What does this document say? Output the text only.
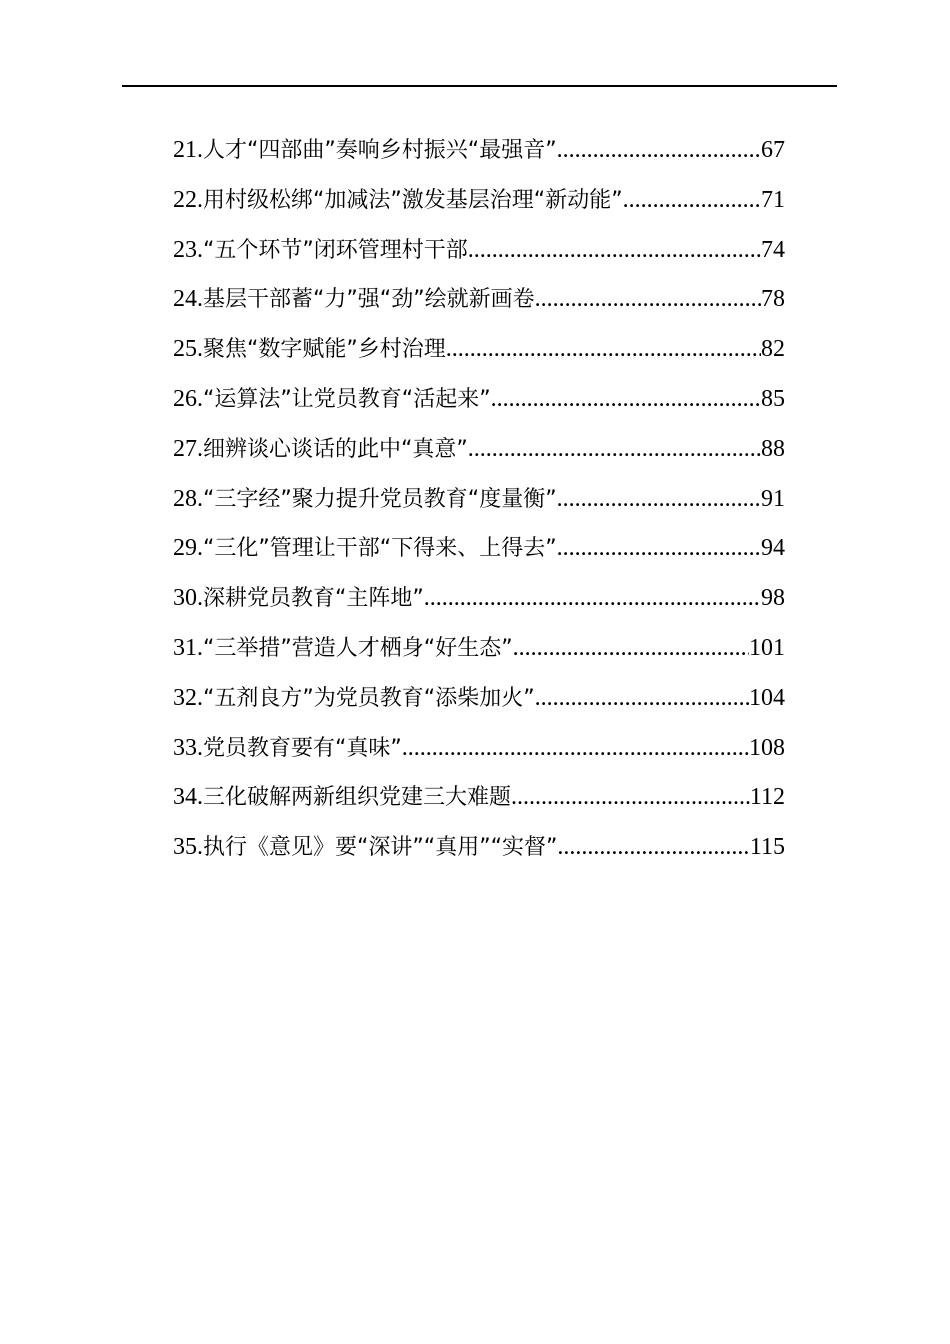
21. 人才“四部曲”奏响乡村振兴“最强音” .....	67
22. 用村级松绑“加减法”激发基层治理“新动能” .....	71
23. “五个环节”闭环管理村干部 .....	74
24. 基层干部蓄“力”强“劲”绘就新画卷 .....	78
25. 聚焦“数字赋能”乡村治理 .....	82
26. “运算法”让党员教育“活起来” .....	85
27. 细辨谈心谈话的此中“真意” .....	88
28. “三字经”聚力提升党员教育“度量衡” .....	91
29. “三化”管理让干部“下得来、上得去” .....	94
30. 深耕党员教育“主阵地” .....	98
31. “三举措”营造人才栖身“好生态” .....	101
32. “五剂良方”为党员教育“添柴加火” .....	104
33. 党员教育要有“真味” .....	108
34. 三化破解两新组织党建三大难题 .....	112
35. 执行《意见》要“深讲”“真用”“实督” .....	115
